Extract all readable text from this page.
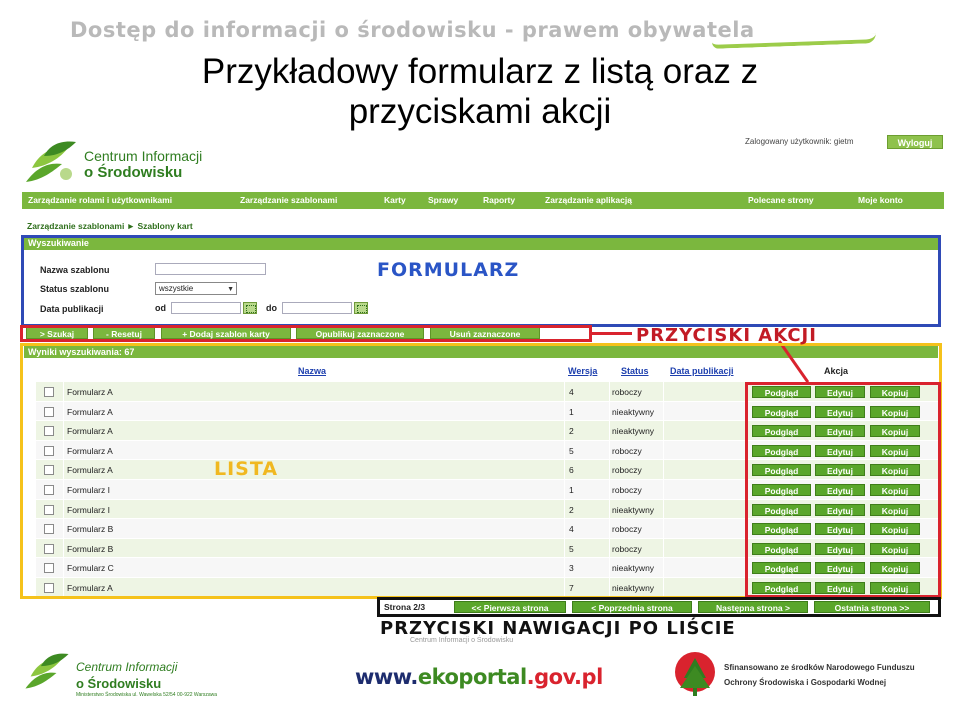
Dostęp do informacji o środowisku - prawem obywatela
Przykładowy formularz z listą oraz z
przyciskami akcji
Centrum Informacji
o Środowisku
Zalogowany użytkownik: gietm	Wyloguj
Zarządzanie rolami i użytkownikami	Zarządzanie szablonami	Karty	Sprawy	Raporty	Zarządzanie aplikacją	Polecane strony	Moje konto
Zarządzanie szablonami ► Szablony kart
Wyszukiwanie
Nazwa szablonu
Status szablonu	wszystkie	▼
Data publikacji	od	do
> Szukaj	- Resetuj	+ Dodaj szablon karty	Opublikuj zaznaczone	Usuń zaznaczone
Wyniki wyszukiwania: 67
Nazwa	Wersja	Status Data publikacji	Akcja
Formularz A	4	roboczy	Podgląd	Edytuj	Kopiuj
Formularz A	1	nieaktywny	Podgląd	Edytuj	Kopiuj
Formularz A	2	nieaktywny	Podgląd	Edytuj	Kopiuj
Formularz A	5	roboczy	Podgląd	Edytuj	Kopiuj
Formularz A	6	roboczy	Podgląd	Edytuj	Kopiuj
Formularz I	1	roboczy	Podgląd	Edytuj	Kopiuj
Formularz I	2	nieaktywny	Podgląd	Edytuj	Kopiuj
Formularz B	4	roboczy	Podgląd	Edytuj	Kopiuj
Formularz B	5	roboczy	Podgląd	Edytuj	Kopiuj
Formularz C	3	nieaktywny	Podgląd	Edytuj	Kopiuj
Formularz A	7	nieaktywny	Podgląd	Edytuj	Kopiuj
Strona 2/3	<< Pierwsza strona	< Poprzednia strona	Następna strona >	Ostatnia strona >>
FORMULARZ
PRZYCISKI AKCJI
LISTA
PRZYCISKI NAWIGACJI PO LIŚCIE
Centrum Informacji o Środowisku
Centrum Informacji
o Środowisku
Ministerstwo Środowiska ul. Wawelska 52/54 00-922 Warszawa
www.ekoportal.gov.pl	Sfinansowano ze środków Narodowego Funduszu
Ochrony Środowiska i Gospodarki Wodnej
